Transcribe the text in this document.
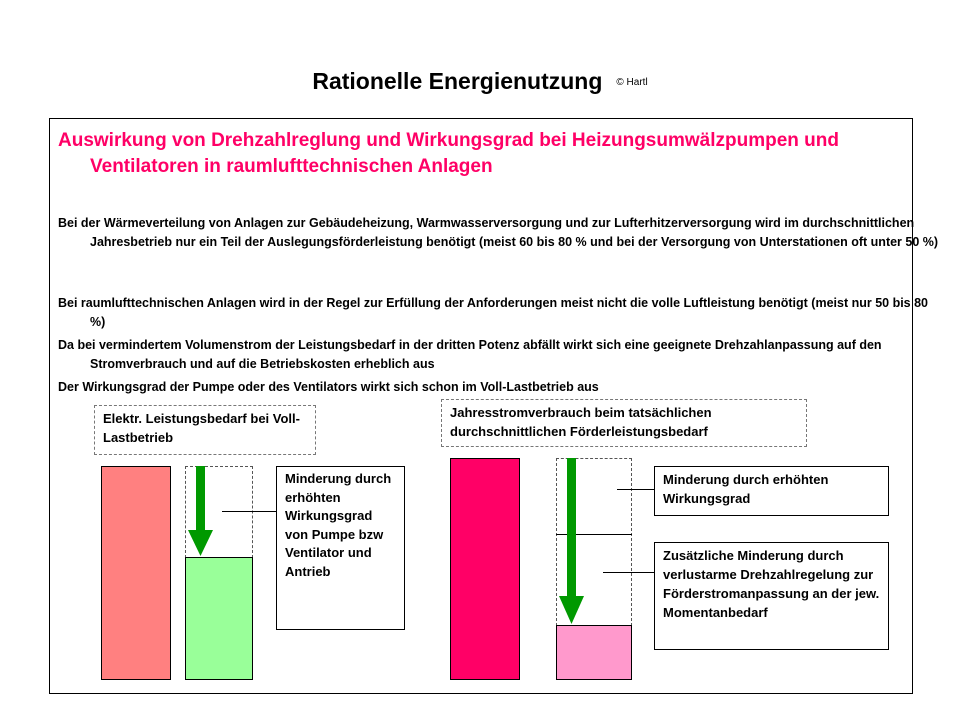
Rationelle Energienutzung © Hartl
Auswirkung von Drehzahlreglung und Wirkungsgrad bei Heizungsumwälzpumpen und Ventilatoren in raumlufttechnischen Anlagen
Bei der Wärmeverteilung von Anlagen zur Gebäudeheizung, Warmwasserversorgung und zur Lufterhitzerversorgung wird im durchschnittlichen Jahresbetrieb nur ein Teil der Auslegungsförderleistung benötigt (meist 60 bis 80 % und bei der Versorgung von Unterstationen oft unter 50 %)
Bei raumlufttechnischen Anlagen wird in der Regel zur Erfüllung der Anforderungen meist nicht die volle Luftleistung benötigt (meist nur 50 bis 80 %)
Da bei vermindertem Volumenstrom der Leistungsbedarf in der dritten Potenz abfällt wirkt sich eine geeignete Drehzahlanpassung auf den Stromverbrauch und auf die Betriebskosten erheblich aus
Der Wirkungsgrad der Pumpe oder des Ventilators wirkt sich schon im Voll-Lastbetrieb aus
Elektr. Leistungsbedarf bei Voll-Lastbetrieb
Minderung durch erhöhten Wirkungsgrad von Pumpe bzw Ventilator und Antrieb
Jahresstromverbrauch beim tatsächlichen durchschnittlichen Förderleistungsbedarf
Minderung durch erhöhten Wirkungsgrad
Zusätzliche Minderung durch verlustarme Drehzahlregelung zur Förderstromanpassung an der jew. Momentanbedarf
